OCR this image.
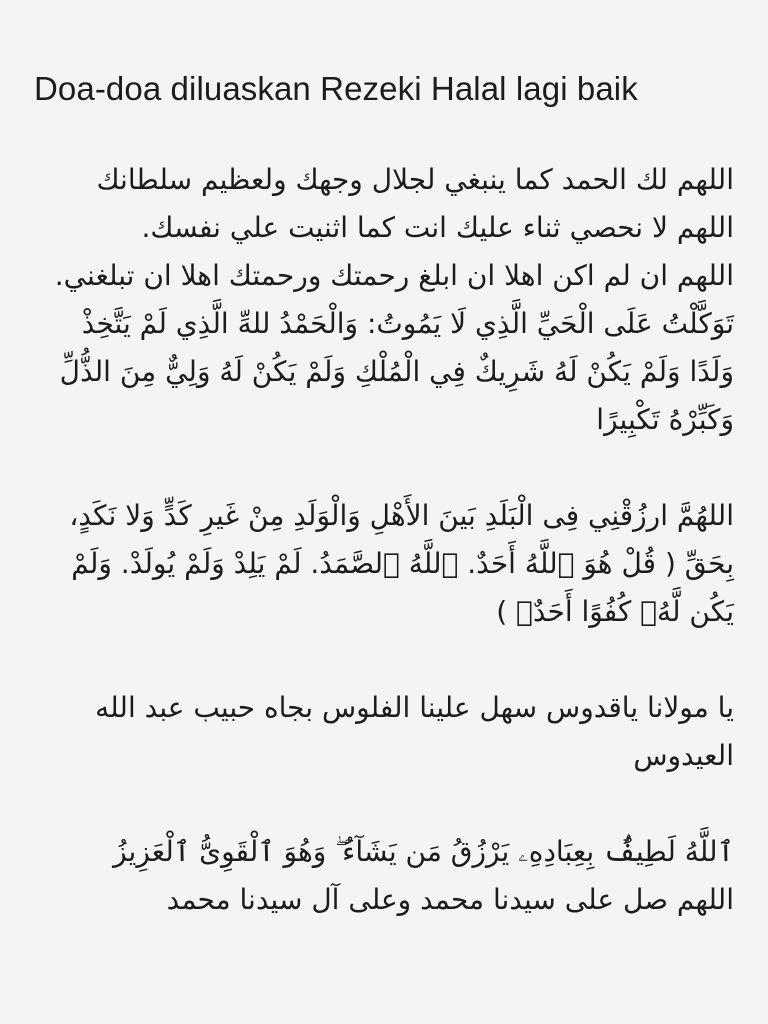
Doa-doa diluaskan Rezeki Halal lagi baik

اللهم لك الحمد كما ينبغي لجلال وجهك ولعظيم سلطانك اللهم لا نحصي ثناء عليك انت كما اثنيت علي نفسك.

اللهم ان لم اكن اهلا ان ابلغ رحمتك ورحمتك اهلا ان تبلغني.

تَوَكَّلْتُ عَلَى الْحَيِّ الَّذِي لَا يَمُوتُ: وَالْحَمْدُ للهِّ الَّذِي لَمْ يَتَّخِذْ وَلَدًا وَلَمْ يَكُنْ لَهُ شَرِيكٌ فِي الْمُلْكِ وَلَمْ يَكُنْ لَهُ وَلِيٌّ مِنَ الذُّلِّ وَكَبِّرْهُ تَكْبِيرًا

اللهُمَّ ارزُقْنِي فِى الْبَلَدِ بَينَ الأَهْلِ وَالْوَلَدِ مِنْ غَيرِ كَدٍّ وَلا نَكَدٍ، بِحَقِّ ( قُلْ هُوَ ٱللَّهُ أَحَدٌ. ٱللَّهُ ٱلصَّمَدُ. لَمْ يَلِدْ وَلَمْ يُولَدْ. وَلَمْ يَكُن لَّهُۥ كُفُوًا أَحَدٌۢ )

يا مولانا ياقدوس سهل علينا الفلوس بجاه حبيب عبد الله العيدوس

ٱللَّهُ لَطِيفٌۢ بِعِبَادِهِۦ يَرْزُقُ مَن يَشَآءُ ۖ وَهُوَ ٱلْقَوِىُّ ٱلْعَزِيزُ

اللهم صل على سيدنا محمد وعلى آل سيدنا محمد
